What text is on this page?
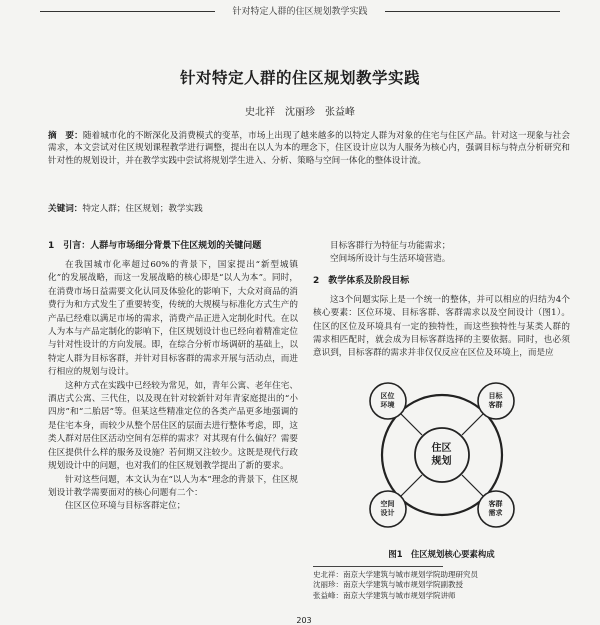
针对特定人群的住区规划教学实践
针对特定人群的住区规划教学实践
史北祥　沈丽珍　张益峰

摘　要：随着城市化的不断深化及消费模式的变革，市场上出现了越来越多的以特定人群为对象的住宅与住区产品。针对这一现象与社会需求，本文尝试对住区规划课程教学进行调整，提出在以人为本的理念下，住区设计应以为人服务为核心内，强调目标与特点分析研究和针对性的规划设计，并在教学实践中尝试将规划学生进入、分析、策略与空间一体化的整体设计流。

关键词：特定人群；住区规划；教学实践

1　引言：人群与市场细分背景下住区规划的关键问题

在我国城市化率超过60%的背景下，国家提出“新型城镇化”的发展战略，而这一发展战略的核心即是“以人为本”。同时，在消费市场日益需要文化认同及体验化的影响下，大众对商品的消费行为和方式发生了重要转变，传统的大规模与标准化方式生产的产品已经难以满足市场的需求，消费产品正进入定制化时代。在以人为本与产品定制化的影响下，住区规划设计也已经向着精准定位与针对性设计的方向发展。即，在综合分析市场调研的基础上，以特定人群为目标客群，并针对目标客群的需求开展与活动点，而进行相应的规划与设计。

这种方式在实践中已经较为常见，如，青年公寓、老年住宅、酒店式公寓、三代住，以及现在针对较新针对年青家庭提出的“小四房”和“二胎居”等。但某这些精准定位的各类产品更多地强调的是住宅本身，而较少从整个居住区的层面去进行整体考虑，即，这类人群对居住区活动空间有怎样的需求？对其现有什么偏好？需要住区提供什么样的服务及设施？若何期又注较少。这既是现代行政规划设计中的问题，也对我们的住区规划教学提出了新的要求。

针对这些问题，本文认为在“以人为本”理念的背景下，住区规划设计教学需要面对的核心问题有二个：

住区区位环境与目标客群定位；

目标客群行为特征与功能需求；

空间场所设计与生活环境营造。

2　教学体系及阶段目标

这3个问题实际上是一个统一的整体，并可以相应的归结为4个核心要素：区位环境、目标客群、客群需求以及空间设计（图1）。住区的区位及环境具有一定的独特性，而这些独特性与某类人群的需求相匹配时，就会成为目标客群选择的主要依据。同时，也必须意识到，目标客群的需求并非仅仅反应在区位及环境上，而是应

住区
规划
区位
环境
目标
客群
空间
设计
客群
需求

图1　住区规划核心要素构成

史北祥：南京大学建筑与城市规划学院助理研究员

沈丽珍：南京大学建筑与城市规划学院副教授

张益峰：南京大学建筑与城市规划学院讲师

203
